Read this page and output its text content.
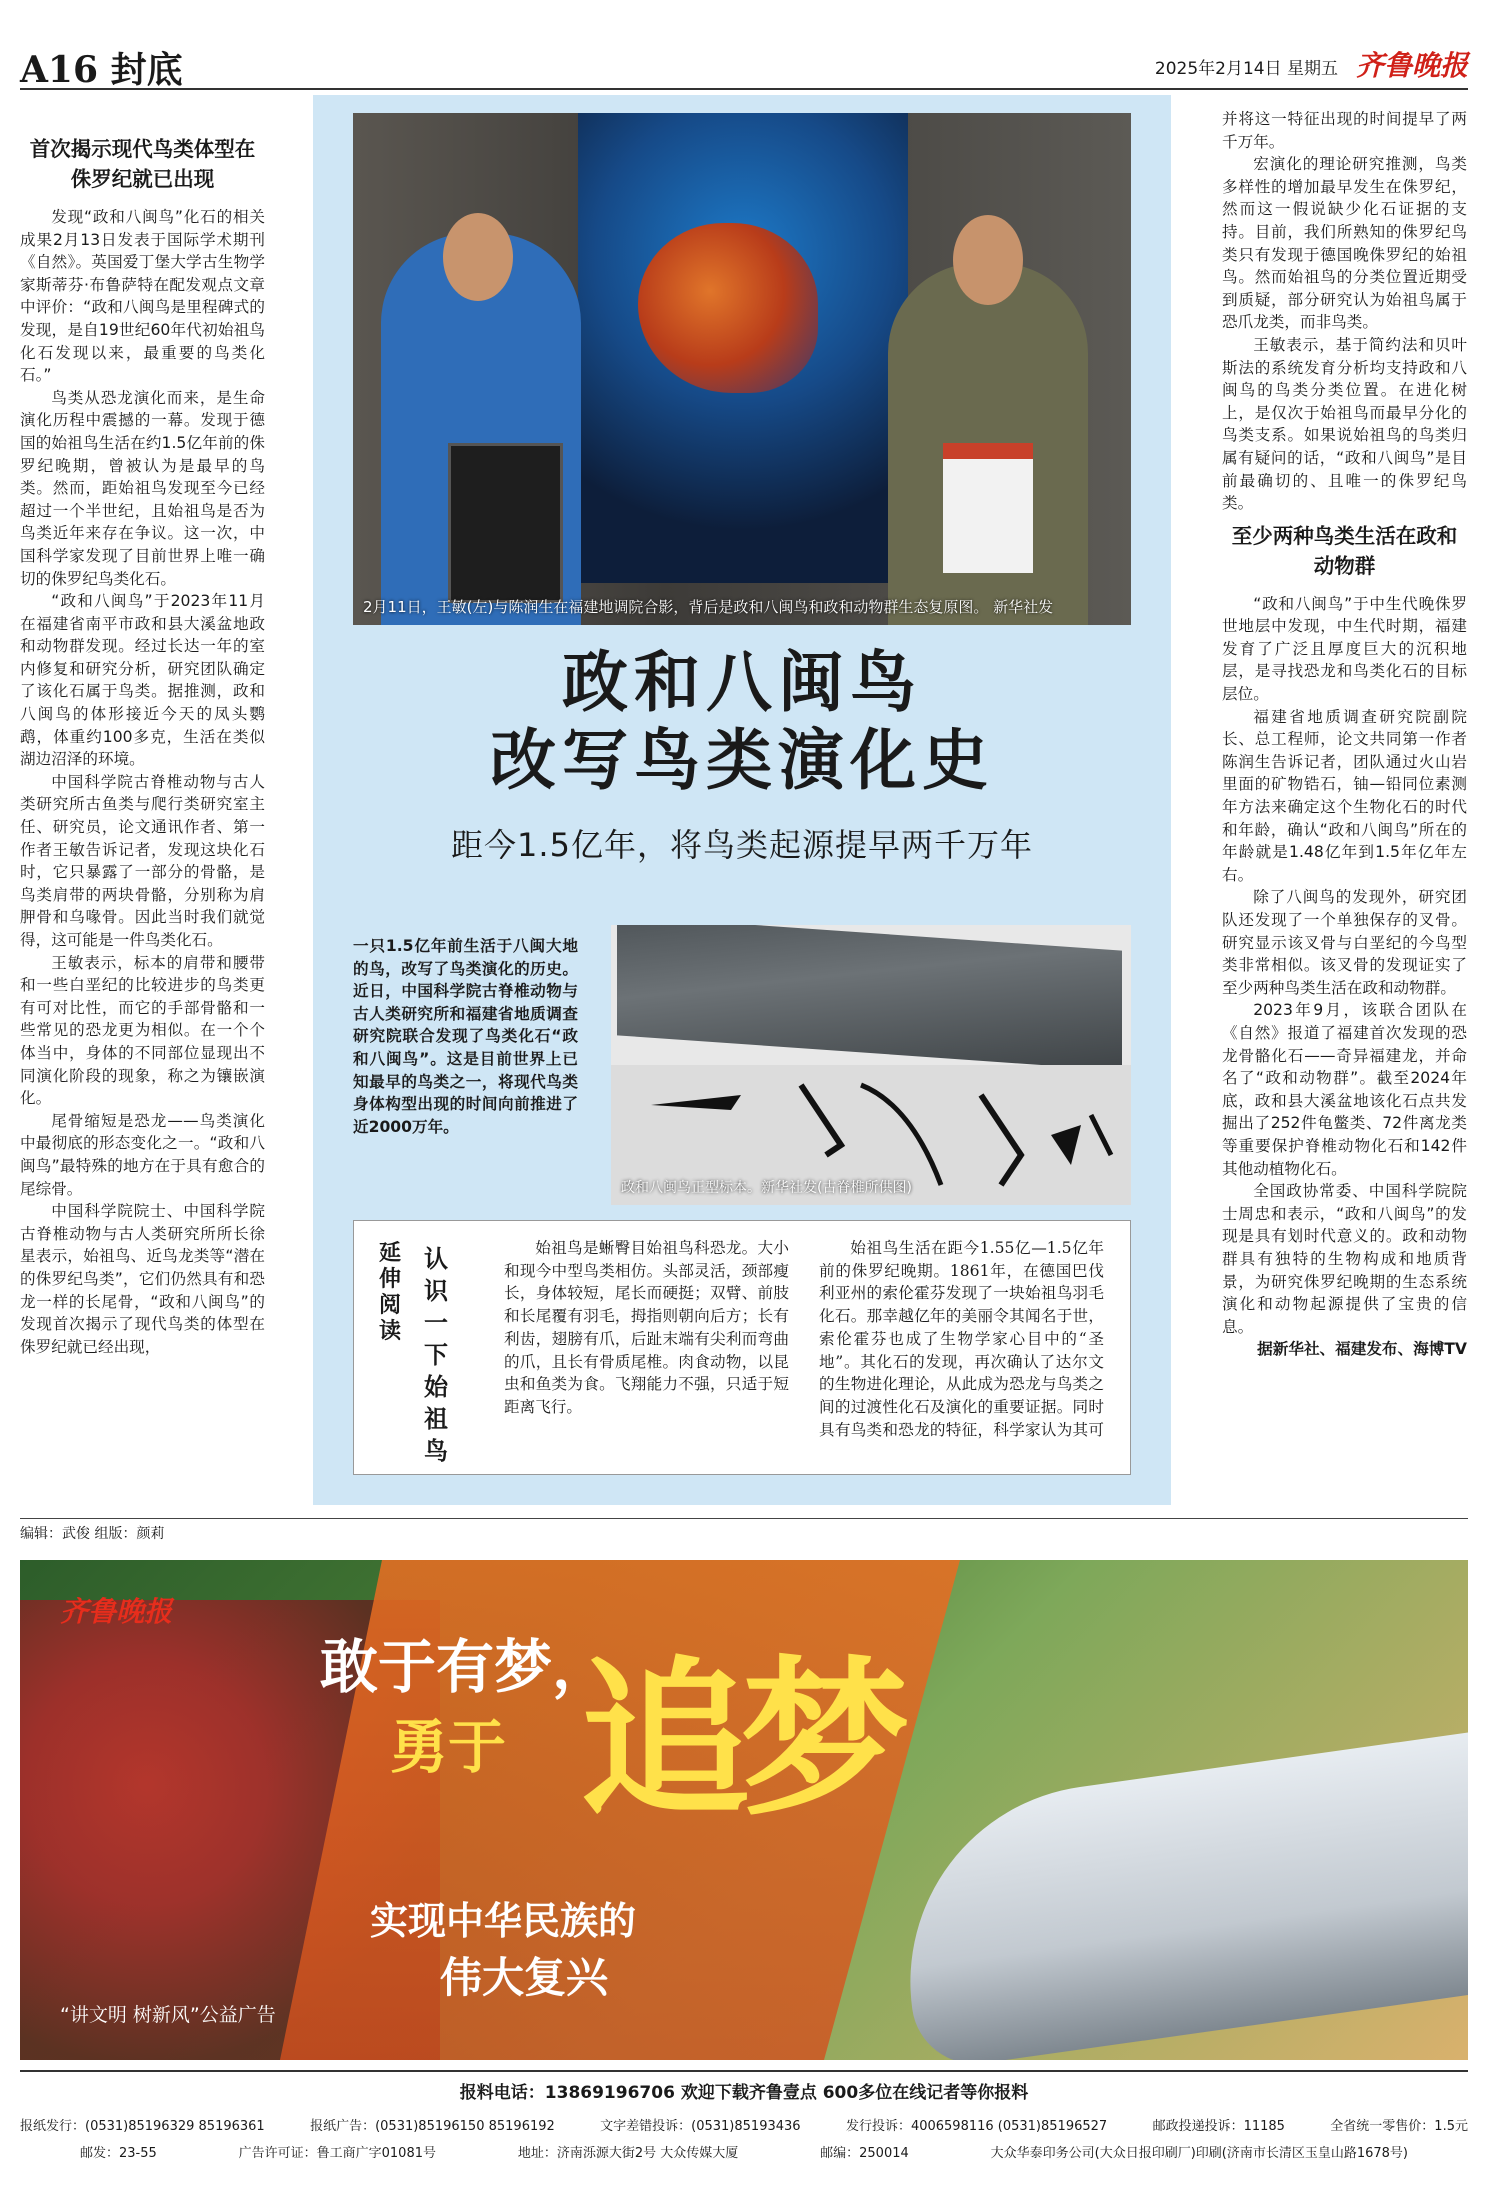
A16 封底	2025年2月14日 星期五 齐鲁晚报
首次揭示现代鸟类体型在侏罗纪就已出现

发现“政和八闽鸟”化石的相关成果2月13日发表于国际学术期刊《自然》。英国爱丁堡大学古生物学家斯蒂芬·布鲁萨特在配发观点文章中评价：“政和八闽鸟是里程碑式的发现，是自19世纪60年代初始祖鸟化石发现以来，最重要的鸟类化石。”

鸟类从恐龙演化而来，是生命演化历程中震撼的一幕。发现于德国的始祖鸟生活在约1.5亿年前的侏罗纪晚期，曾被认为是最早的鸟类。然而，距始祖鸟发现至今已经超过一个半世纪，且始祖鸟是否为鸟类近年来存在争议。这一次，中国科学家发现了目前世界上唯一确切的侏罗纪鸟类化石。

“政和八闽鸟”于2023年11月在福建省南平市政和县大溪盆地政和动物群发现。经过长达一年的室内修复和研究分析，研究团队确定了该化石属于鸟类。据推测，政和八闽鸟的体形接近今天的凤头鹦鹉，体重约100多克，生活在类似湖边沼泽的环境。

中国科学院古脊椎动物与古人类研究所古鱼类与爬行类研究室主任、研究员，论文通讯作者、第一作者王敏告诉记者，发现这块化石时，它只暴露了一部分的骨骼，是鸟类肩带的两块骨骼，分别称为肩胛骨和乌喙骨。因此当时我们就觉得，这可能是一件鸟类化石。

王敏表示，标本的肩带和腰带和一些白垩纪的比较进步的鸟类更有可对比性，而它的手部骨骼和一些常见的恐龙更为相似。在一个个体当中，身体的不同部位显现出不同演化阶段的现象，称之为镶嵌演化。

尾骨缩短是恐龙——鸟类演化中最彻底的形态变化之一。“政和八闽鸟”最特殊的地方在于具有愈合的尾综骨。

中国科学院院士、中国科学院古脊椎动物与古人类研究所所长徐星表示，始祖鸟、近鸟龙类等“潜在的侏罗纪鸟类”，它们仍然具有和恐龙一样的长尾骨，“政和八闽鸟”的发现首次揭示了现代鸟类的体型在侏罗纪就已经出现，

2月11日，王敏(左)与陈润生在福建地调院合影，背后是政和八闽鸟和政和动物群生态复原图。 新华社发
政和八闽鸟
改写鸟类演化史
距今1.5亿年，将鸟类起源提早两千万年
一只1.5亿年前生活于八闽大地的鸟，改写了鸟类演化的历史。近日，中国科学院古脊椎动物与古人类研究所和福建省地质调查研究院联合发现了鸟类化石“政和八闽鸟”。这是目前世界上已知最早的鸟类之一，将现代鸟类身体构型出现的时间向前推进了近2000万年。
政和八闽鸟正型标本。新华社发(古脊椎所供图)
延伸阅读
认识一下始祖鸟

始祖鸟是蜥臀目始祖鸟科恐龙。大小和现今中型鸟类相仿。头部灵活，颈部瘦长，身体较短，尾长而硬挺；双臂、前肢和长尾覆有羽毛，拇指则朝向后方；长有利齿，翅膀有爪，后趾末端有尖利而弯曲的爪，且长有骨质尾椎。肉食动物，以昆虫和鱼类为食。飞翔能力不强，只适于短距离飞行。

始祖鸟生活在距今1.55亿—1.5亿年前的侏罗纪晚期。1861年，在德国巴伐利亚州的索伦霍芬发现了一块始祖鸟羽毛化石。那幸越亿年的美丽令其闻名于世，索伦霍芬也成了生物学家心目中的“圣地”。其化石的发现，再次确认了达尔文的生物进化理论，从此成为恐龙与鸟类之间的过渡性化石及演化的重要证据。同时具有鸟类和恐龙的特征，科学家认为其可

并将这一特征出现的时间提早了两千万年。

宏演化的理论研究推测，鸟类多样性的增加最早发生在侏罗纪，然而这一假说缺少化石证据的支持。目前，我们所熟知的侏罗纪鸟类只有发现于德国晚侏罗纪的始祖鸟。然而始祖鸟的分类位置近期受到质疑，部分研究认为始祖鸟属于恐爪龙类，而非鸟类。

王敏表示，基于简约法和贝叶斯法的系统发育分析均支持政和八闽鸟的鸟类分类位置。在进化树上，是仅次于始祖鸟而最早分化的鸟类支系。如果说始祖鸟的鸟类归属有疑问的话，“政和八闽鸟”是目前最确切的、且唯一的侏罗纪鸟类。

至少两种鸟类生活在政和动物群

“政和八闽鸟”于中生代晚侏罗世地层中发现，中生代时期，福建发育了广泛且厚度巨大的沉积地层，是寻找恐龙和鸟类化石的目标层位。

福建省地质调查研究院副院长、总工程师，论文共同第一作者陈润生告诉记者，团队通过火山岩里面的矿物锆石，铀—铅同位素测年方法来确定这个生物化石的时代和年龄，确认“政和八闽鸟”所在的年龄就是1.48亿年到1.5年亿年左右。

除了八闽鸟的发现外，研究团队还发现了一个单独保存的叉骨。研究显示该叉骨与白垩纪的今鸟型类非常相似。该叉骨的发现证实了至少两种鸟类生活在政和动物群。

2023年9月，该联合团队在《自然》报道了福建首次发现的恐龙骨骼化石——奇异福建龙，并命名了“政和动物群”。截至2024年底，政和县大溪盆地该化石点共发掘出了252件龟鳖类、72件离龙类等重要保护脊椎动物化石和142件其他动植物化石。

全国政协常委、中国科学院院士周忠和表示，“政和八闽鸟”的发现是具有划时代意义的。政和动物群具有独特的生物构成和地质背景，为研究侏罗纪晚期的生态系统演化和动物起源提供了宝贵的信息。

据新华社、福建发布、海博TV
编辑：武俊 组版：颜莉
齐鲁晚报
敢于有梦，
勇于 追梦
实现中华民族的
伟大复兴
“讲文明 树新风”公益广告
报料电话：13869196706 欢迎下载齐鲁壹点 600多位在线记者等你报料
报纸发行：(0531)85196329 85196361	报纸广告：(0531)85196150 85196192	文字差错投诉：(0531)85193436	发行投诉：4006598116 (0531)85196527	邮政投递投诉：11185	全省统一零售价：1.5元
邮发：23-55	广告许可证：鲁工商广字01081号	地址：济南泺源大街2号 大众传媒大厦	邮编：250014	大众华泰印务公司(大众日报印刷厂)印刷(济南市长清区玉皇山路1678号)
